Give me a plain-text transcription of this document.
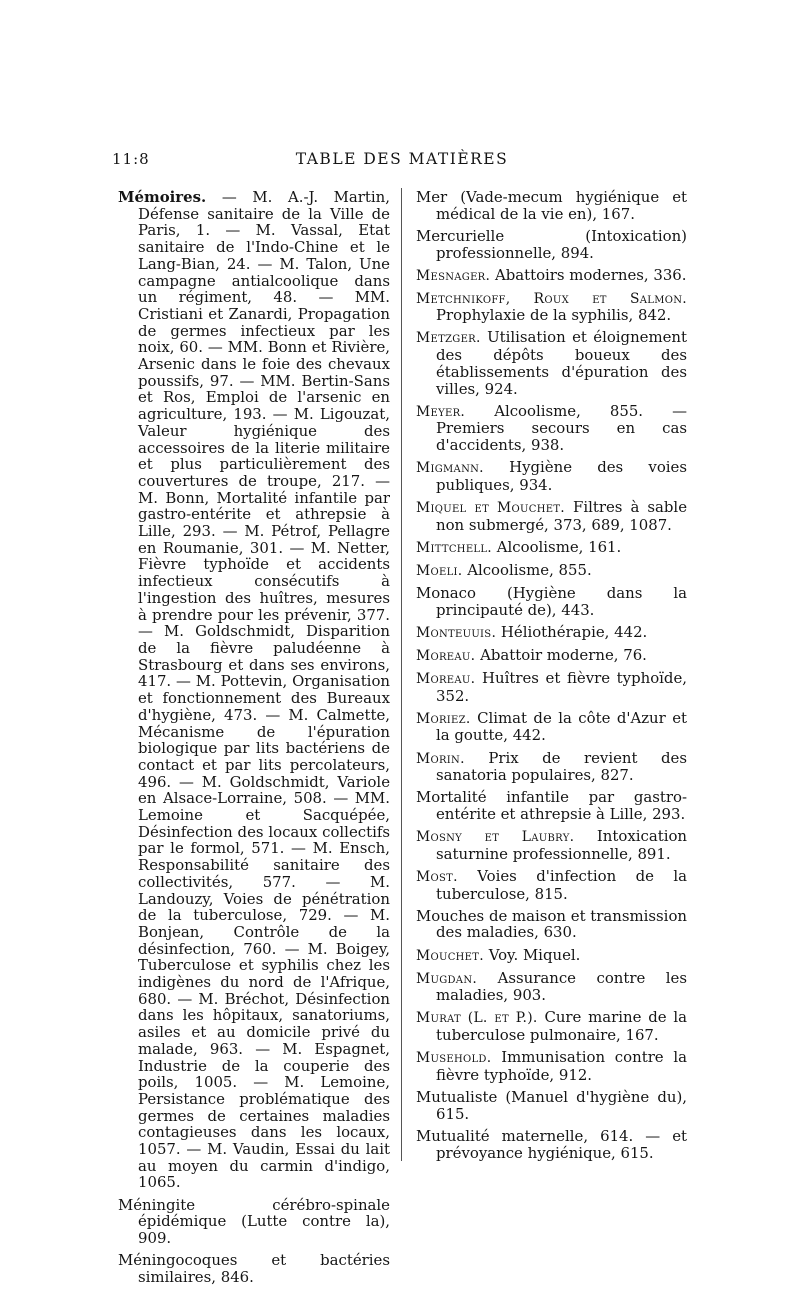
11:8	TABLE DES MATIÈ​RES

Mémoires. — M. A.-J. Martin, Défense sanitaire de la Ville de Paris, 1. — M. Vassal, Etat sanitaire de l'Indo-Chine et le Lang-Bian, 24. — M. Talon, Une campagne antialcoolique dans un régiment, 48. — MM. Cristiani et Zanardi, Propagation de germes infectieux par les noix, 60. — MM. Bonn et Rivière, Arsenic dans le foie des chevaux poussifs, 97. — MM. Bertin-Sans et Ros, Emploi de l'arsenic en agriculture, 193. — M. Ligouzat, Valeur hygiénique des accessoires de la literie militaire et plus particulièrement des couvertures de troupe, 217. — M. Bonn, Mortalité infantile par gastro-entérite et athrepsie à Lille, 293. — M. Pétrof, Pellagre en Roumanie, 301. — M. Netter, Fièvre typhoïde et accidents infectieux consécutifs à l'ingestion des huîtres, mesures à prendre pour les prévenir, 377. — M. Goldschmidt, Disparition de la fièvre paludéenne à Strasbourg et dans ses environs, 417. — M. Pottevin, Organisation et fonctionnement des Bureaux d'hygiène, 473. — M. Calmette, Mécanisme de l'épuration biologique par lits bactériens de contact et par lits percolateurs, 496. — M. Goldschmidt, Variole en Alsace-Lorraine, 508. — MM. Lemoine et Sacquépée, Désinfection des locaux collectifs par le formol, 571. — M. Ensch, Responsabilité sanitaire des collectivités, 577. — M. Landouzy, Voies de pénétration de la tuberculose, 729. — M. Bonjean, Contrôle de la désinfection, 760. — M. Boigey, Tuberculose et syphilis chez les indigènes du nord de l'Afrique, 680. — M. Bréchot, Désinfection dans les hôpitaux, sanatoriums, asiles et au domicile privé du malade, 963. — M. Espagnet, Industrie de la couperie des poils, 1005. — M. Lemoine, Persistance problématique des germes de certaines maladies contagieuses dans les locaux, 1057. — M. Vaudin, Essai du lait au moyen du carmin d'indigo, 1065.

Méningite	cérébro-spinale épidémique (Lutte contre la), 909.

Méningocoques et bactéries similaires, 846.

Mer (Vade-mecum hygiénique et médical de la vie en), 167.

Mercurielle	(Intoxication) professionnelle, 894.

Mesnager. Abattoirs modernes, 336.

Metchnikoff, Roux et Salmon. Prophylaxie de la syphilis, 842.

Metzger. Utilisation et éloignement des dépôts boueux des établissements d'épuration des villes, 924.

Meyer. Alcoolisme, 855. — Premiers secours en cas d'accidents, 938.

Migmann. Hygiène des voies publiques, 934.

Miquel et Mouchet. Filtres à sable non submergé, 373, 689, 1087.

Mittchell. Alcoolisme, 161.

Moeli. Alcoolisme, 855.

Monaco (Hygiène dans la principauté de), 443.

Monteuuis. Héliothérapie, 442.

Moreau. Abattoir moderne, 76.

Moreau. Huîtres et fièvre typhoïde, 352.

Moriez. Climat de la côte d'Azur et la goutte, 442.

Morin. Prix de revient des sanatoria populaires, 827.

Mortalité infantile par gastro-entérite et athrepsie à Lille, 293.

Mosny et Laubry. Intoxication saturnine professionnelle, 891.

Most. Voies d'infection de la tuberculose, 815.

Mouches de maison et transmission des maladies, 630.

Mouchet. Voy. Miquel.

Mugdan. Assurance contre les maladies, 903.

Murat (L. et P.). Cure marine de la tuberculose pulmonaire, 167.

Musehold. Immunisation contre la fièvre typhoïde, 912.

Mutualiste (Manuel d'hygiène du), 615.

Mutualité maternelle, 614. — et prévoyance hygiénique, 615.
